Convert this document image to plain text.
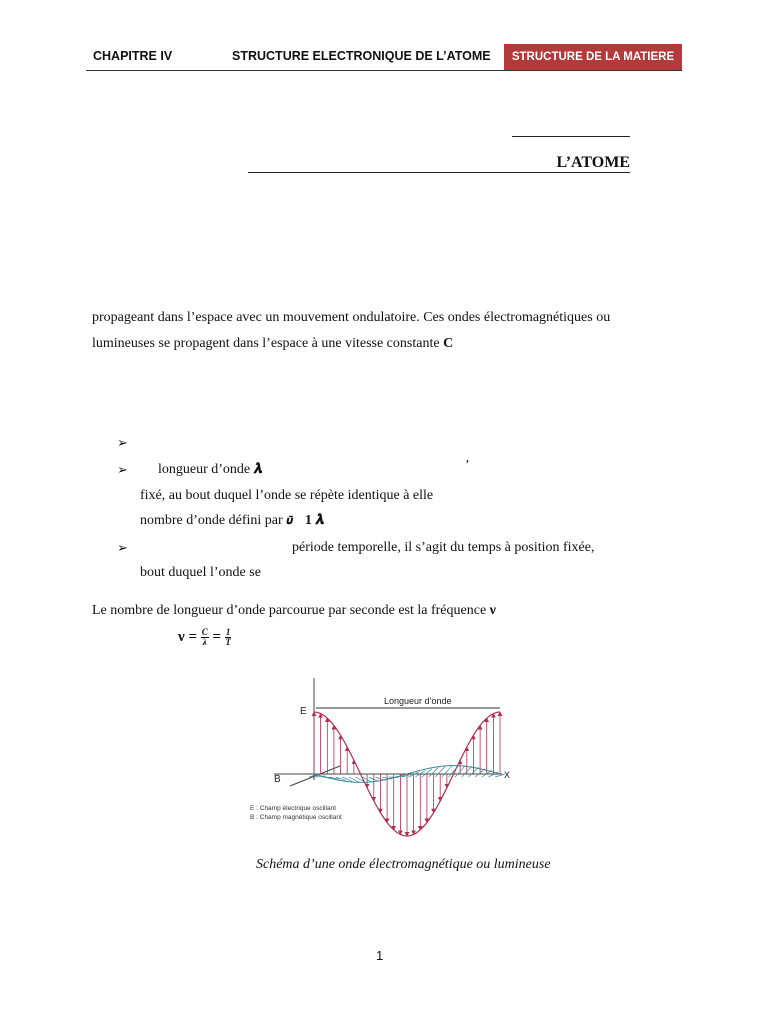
CHAPITRE IV	STRUCTURE ELECTRONIQUE DE L’ATOME	STRUCTURE DE LA MATIERE
L’ATOME
propageant dans l’espace avec un mouvement ondulatoire. Ces ondes électromagnétiques ou
lumineuses se propagent dans l’espace à une vitesse constante C
➢
➢ longueur d’onde 𝝀	’
fixé, au bout duquel l’onde se répète identique à elle
nombre d’onde défini par 𝝊̄ 1 𝝀
➢	période temporelle, il s’agit du temps à position fixée,
bout duquel l’onde se
Le nombre de longueur d’onde parcourue par seconde est la fréquence ν
$\nu = \frac{C}{\lambda} = \frac{1}{T}$
Longueur d’onde
E
B	X
E : Champ électrique oscillant
B : Champ magnétique oscillant
Schéma d’une onde électromagnétique ou lumineuse
1
